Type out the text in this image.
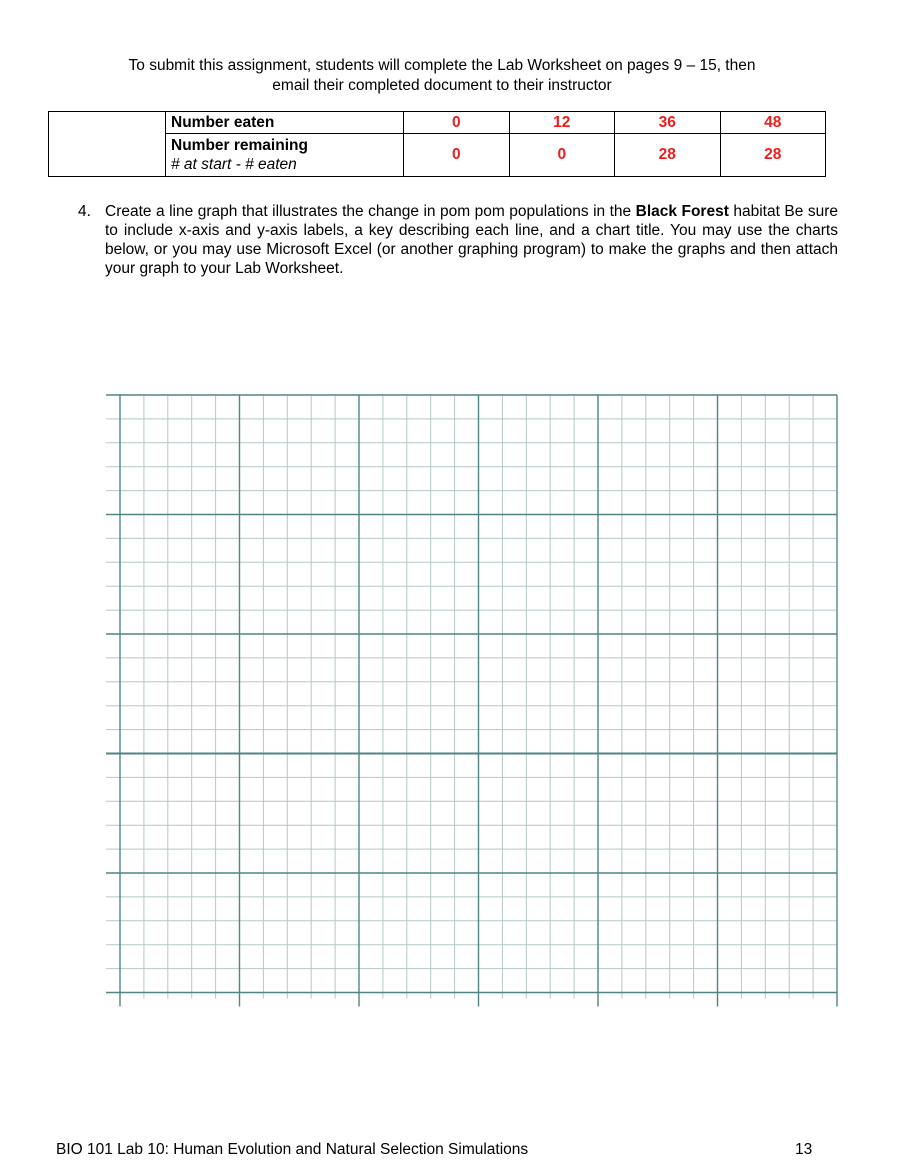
To submit this assignment, students will complete the Lab Worksheet on pages 9 – 15, then
email their completed document to their instructor
	Number eaten	0	12	36	48
	Number remaining
# at start - # eaten	0	0	28	28
4. Create a line graph that illustrates the change in pom pom populations in the Black Forest habitat Be sure to include x-axis and y-axis labels, a key describing each line, and a chart title. You may use the charts below, or you may use Microsoft Excel (or another graphing program) to make the graphs and then attach your graph to your Lab Worksheet.
BIO 101 Lab 10: Human Evolution and Natural Selection Simulations	13
